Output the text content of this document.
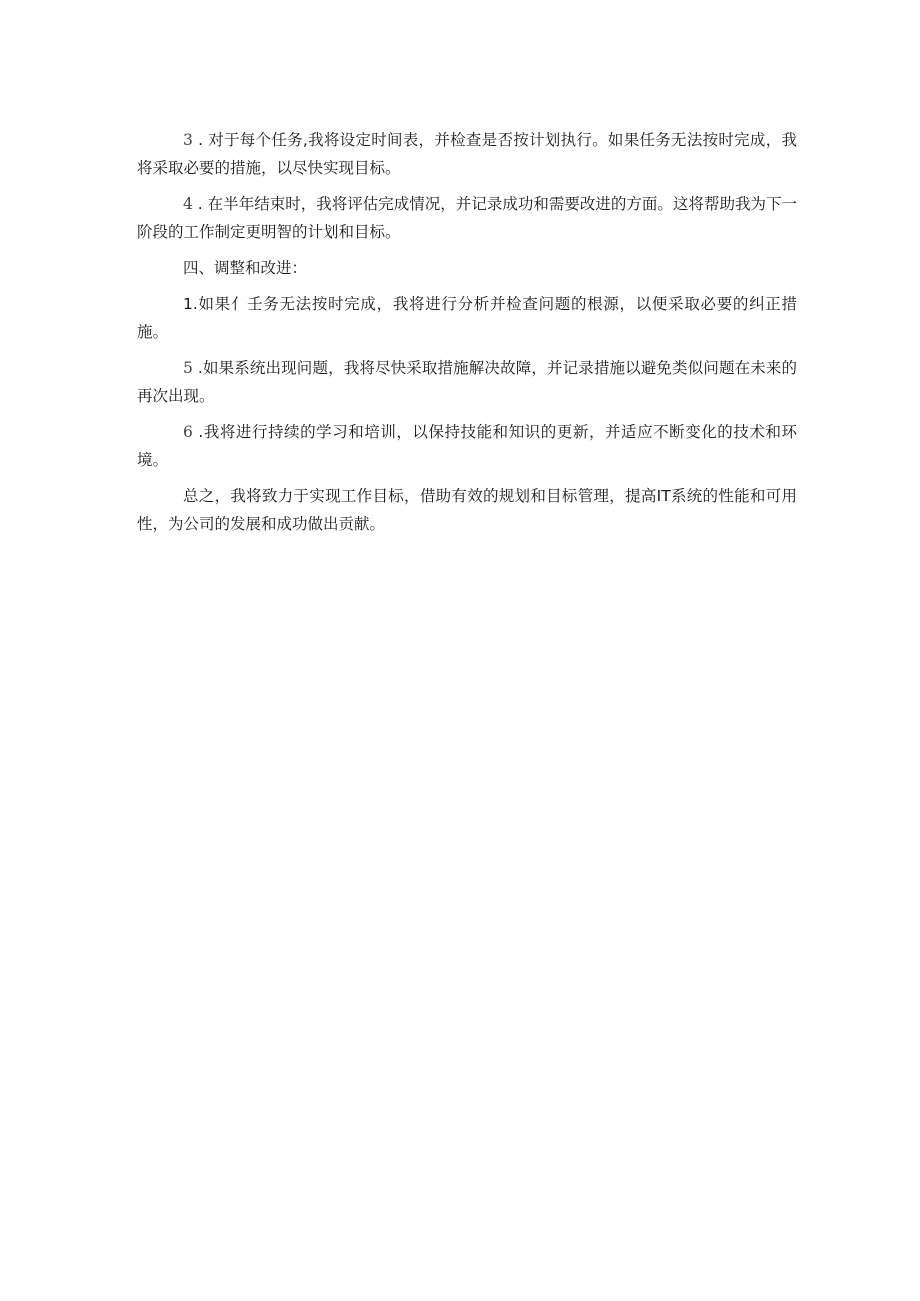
3 . 对于每个任务,我将设定时间表，并检查是否按计划执行。如果任务无法按时完成，我将采取必要的措施，以尽快实现目标。

4 . 在半年结束时，我将评估完成情况，并记录成功和需要改进的方面。这将帮助我为下一阶段的工作制定更明智的计划和目标。

四、调整和改进：

1.如果亻壬务无法按时完成，我将进行分析并检查问题的根源，以便采取必要的纠正措施。

5 .如果系统出现问题，我将尽快采取措施解决故障，并记录措施以避免类似问题在未来的再次出现。

6 .我将进行持续的学习和培训，以保持技能和知识的更新，并适应不断变化的技术和环境。

总之，我将致力于实现工作目标，借助有效的规划和目标管理，提高IT系统的性能和可用性，为公司的发展和成功做出贡献。
